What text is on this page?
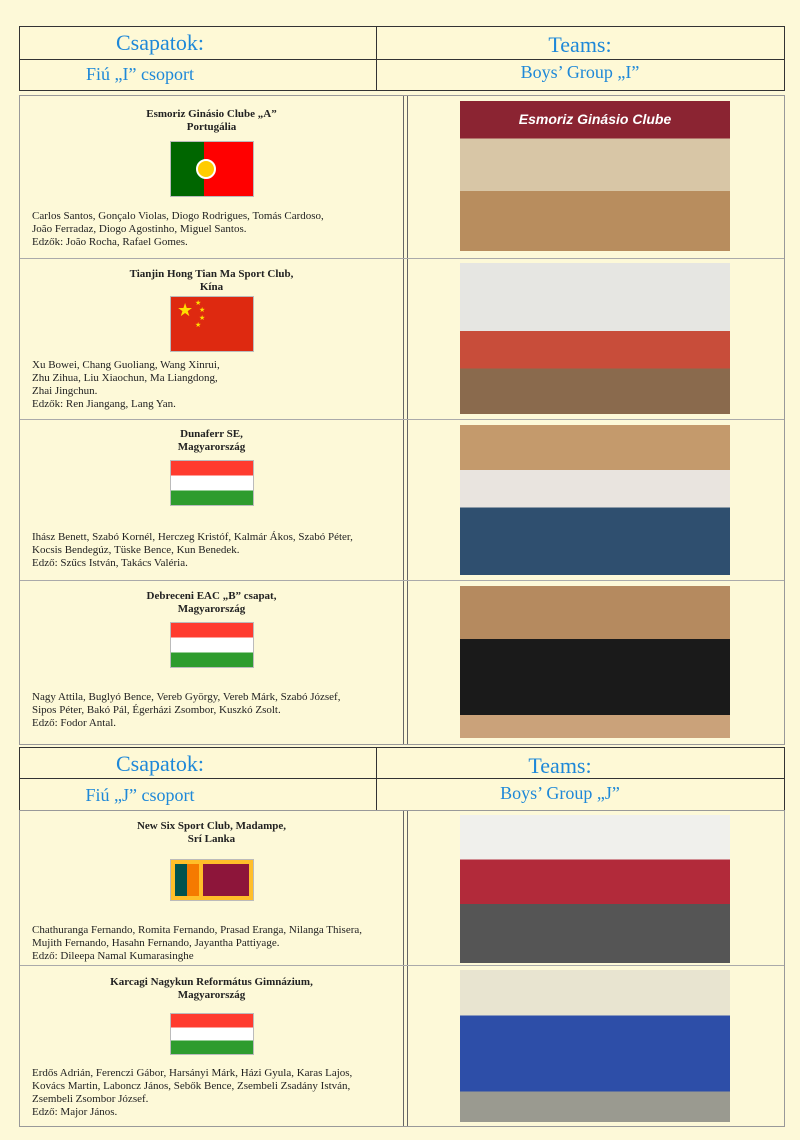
Csapatok:	Teams:
Fiú „I” csoport	Boys’ Group „I”
Esmoriz Ginásio Clube „A”
Portugália
Carlos Santos, Gonçalo Violas, Diogo Rodrigues, Tomás Cardoso,
João Ferradaz, Diogo Agostinho, Miguel Santos.
Edzők: João Rocha, Rafael Gomes.
Esmoriz Ginásio Clube
Tianjin Hong Tian Ma Sport Club,
Kína
★ ★
★
★
★
Xu Bowei, Chang Guoliang, Wang Xinrui,
Zhu Zihua, Liu Xiaochun, Ma Liangdong,
Zhai Jingchun.
Edzők: Ren Jiangang, Lang Yan.
Dunaferr SE,
Magyarország
Ihász Benett, Szabó Kornél, Herczeg Kristóf, Kalmár Ákos, Szabó Péter,
Kocsis Bendegúz, Tüske Bence, Kun Benedek.
Edző: Szűcs István, Takács Valéria.
Debreceni EAC „B” csapat,
Magyarország
Nagy Attila, Buglyó Bence, Vereb György, Vereb Márk, Szabó József,
Sipos Péter, Bakó Pál, Égerházi Zsombor, Kuszkó Zsolt.
Edző: Fodor Antal.
Csapatok:	Teams:
Fiú „J” csoport	Boys’ Group „J”
New Six Sport Club, Madampe,
Srí Lanka
Chathuranga Fernando, Romita Fernando, Prasad Eranga, Nilanga Thisera,
Mujith Fernando, Hasahn Fernando, Jayantha Pattiyage.
Edző: Dileepa Namal Kumarasinghe
Karcagi Nagykun Református Gimnázium,
Magyarország
Erdős Adrián, Ferenczi Gábor, Harsányi Márk, Házi Gyula, Karas Lajos,
Kovács Martin, Laboncz János, Sebők Bence, Zsembeli Zsadány István,
Zsembeli Zsombor József.
Edző: Major János.
